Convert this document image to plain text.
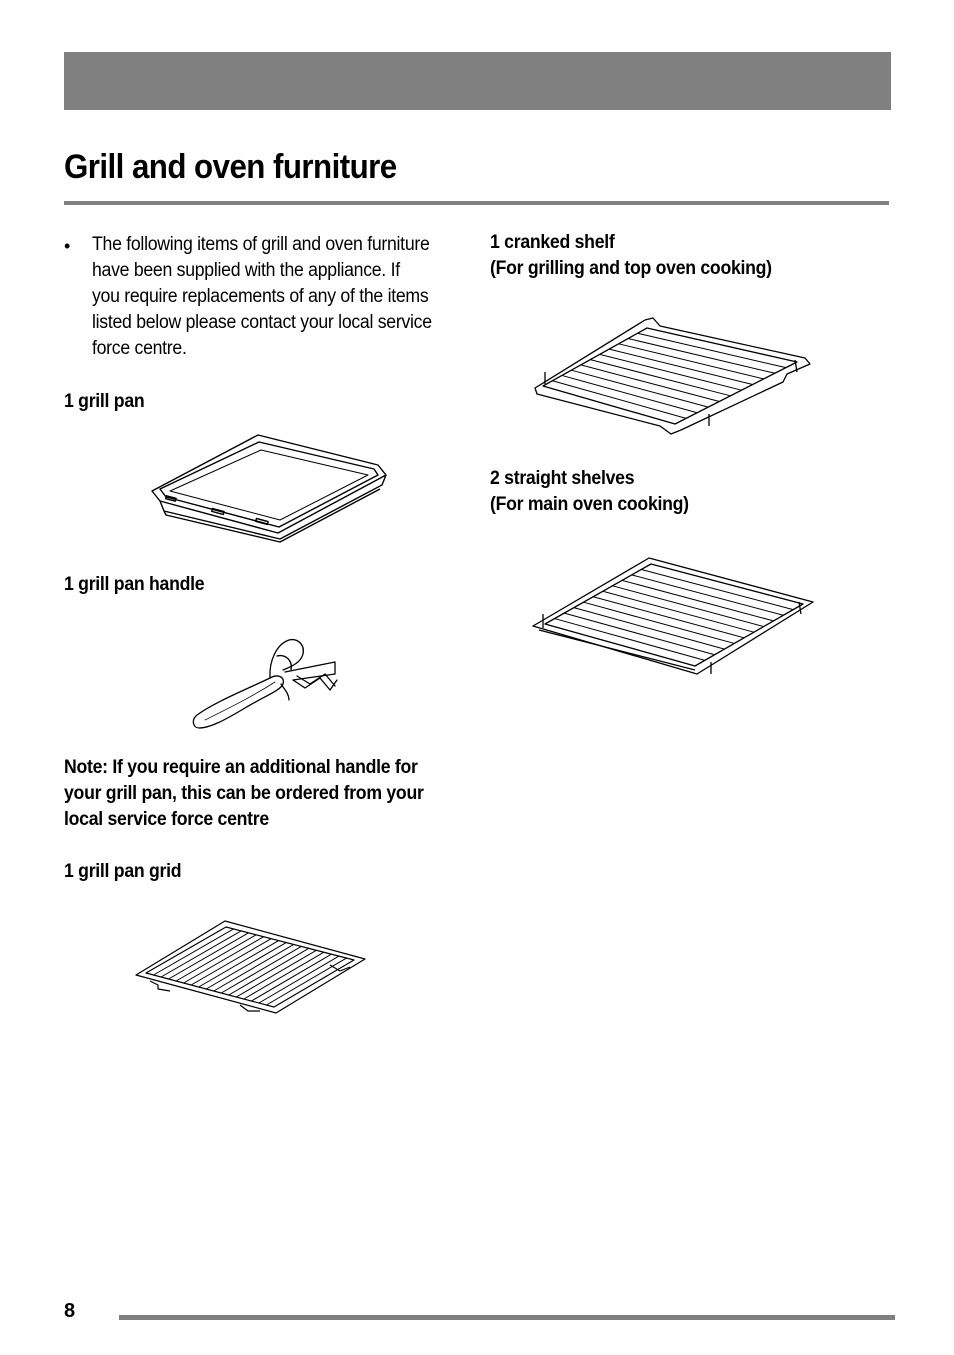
Grill and oven furniture
• The following items of grill and oven furniture
have been supplied with the appliance. If
you require replacements of any of the items
listed below please contact your local service
force centre.
1 grill pan
1 grill pan handle
Note: If you require an additional handle for
your grill pan, this can be ordered from your
local service force centre
1 grill pan grid
1 cranked shelf
(For grilling and top oven cooking)
2 straight shelves
(For main oven cooking)
8
